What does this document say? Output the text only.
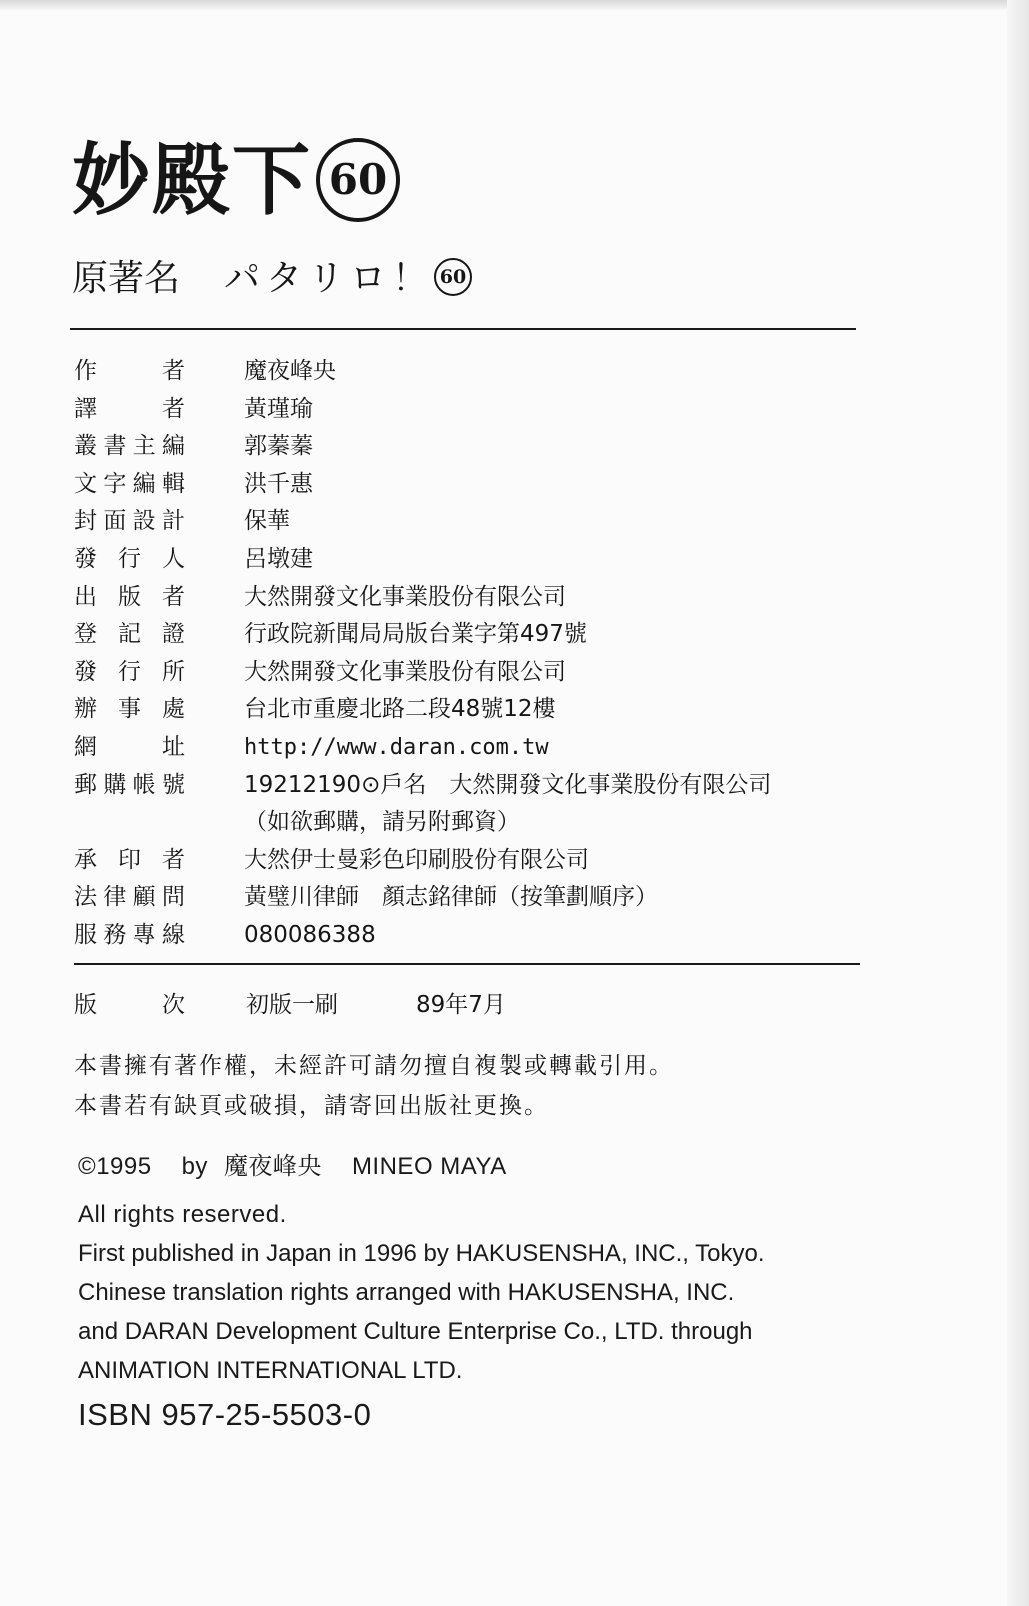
妙殿下 60
原著名 パタリロ！ 60
作者	魔夜峰央
譯者	黃瑾瑜
叢書主編	郭蓁蓁
文字編輯	洪千惠
封面設計	保華
發行人	呂墩建
出版者	大然開發文化事業股份有限公司
登記證	行政院新聞局局版台業字第497號
發行所	大然開發文化事業股份有限公司
辦事處	台北市重慶北路二段48號12樓
網址	http://www.daran.com.tw
郵購帳號	19212190⊙戶名　大然開發文化事業股份有限公司
（如欲郵購，請另附郵資）
承印者	大然伊士曼彩色印刷股份有限公司
法律顧問	黃璧川律師　顏志銘律師（按筆劃順序）
服務專線	080086388
版次	初版一刷	89年7月
本書擁有著作權，未經許可請勿擅自複製或轉載引用。
本書若有缺頁或破損，請寄回出版社更換。
©1995 by 魔夜峰央 MINEO MAYA
All rights reserved.
First published in Japan in 1996 by HAKUSENSHA, INC., Tokyo.
Chinese translation rights arranged with HAKUSENSHA, INC.
and DARAN Development Culture Enterprise Co., LTD. through
ANIMATION INTERNATIONAL LTD.
ISBN 957-25-5503-0
